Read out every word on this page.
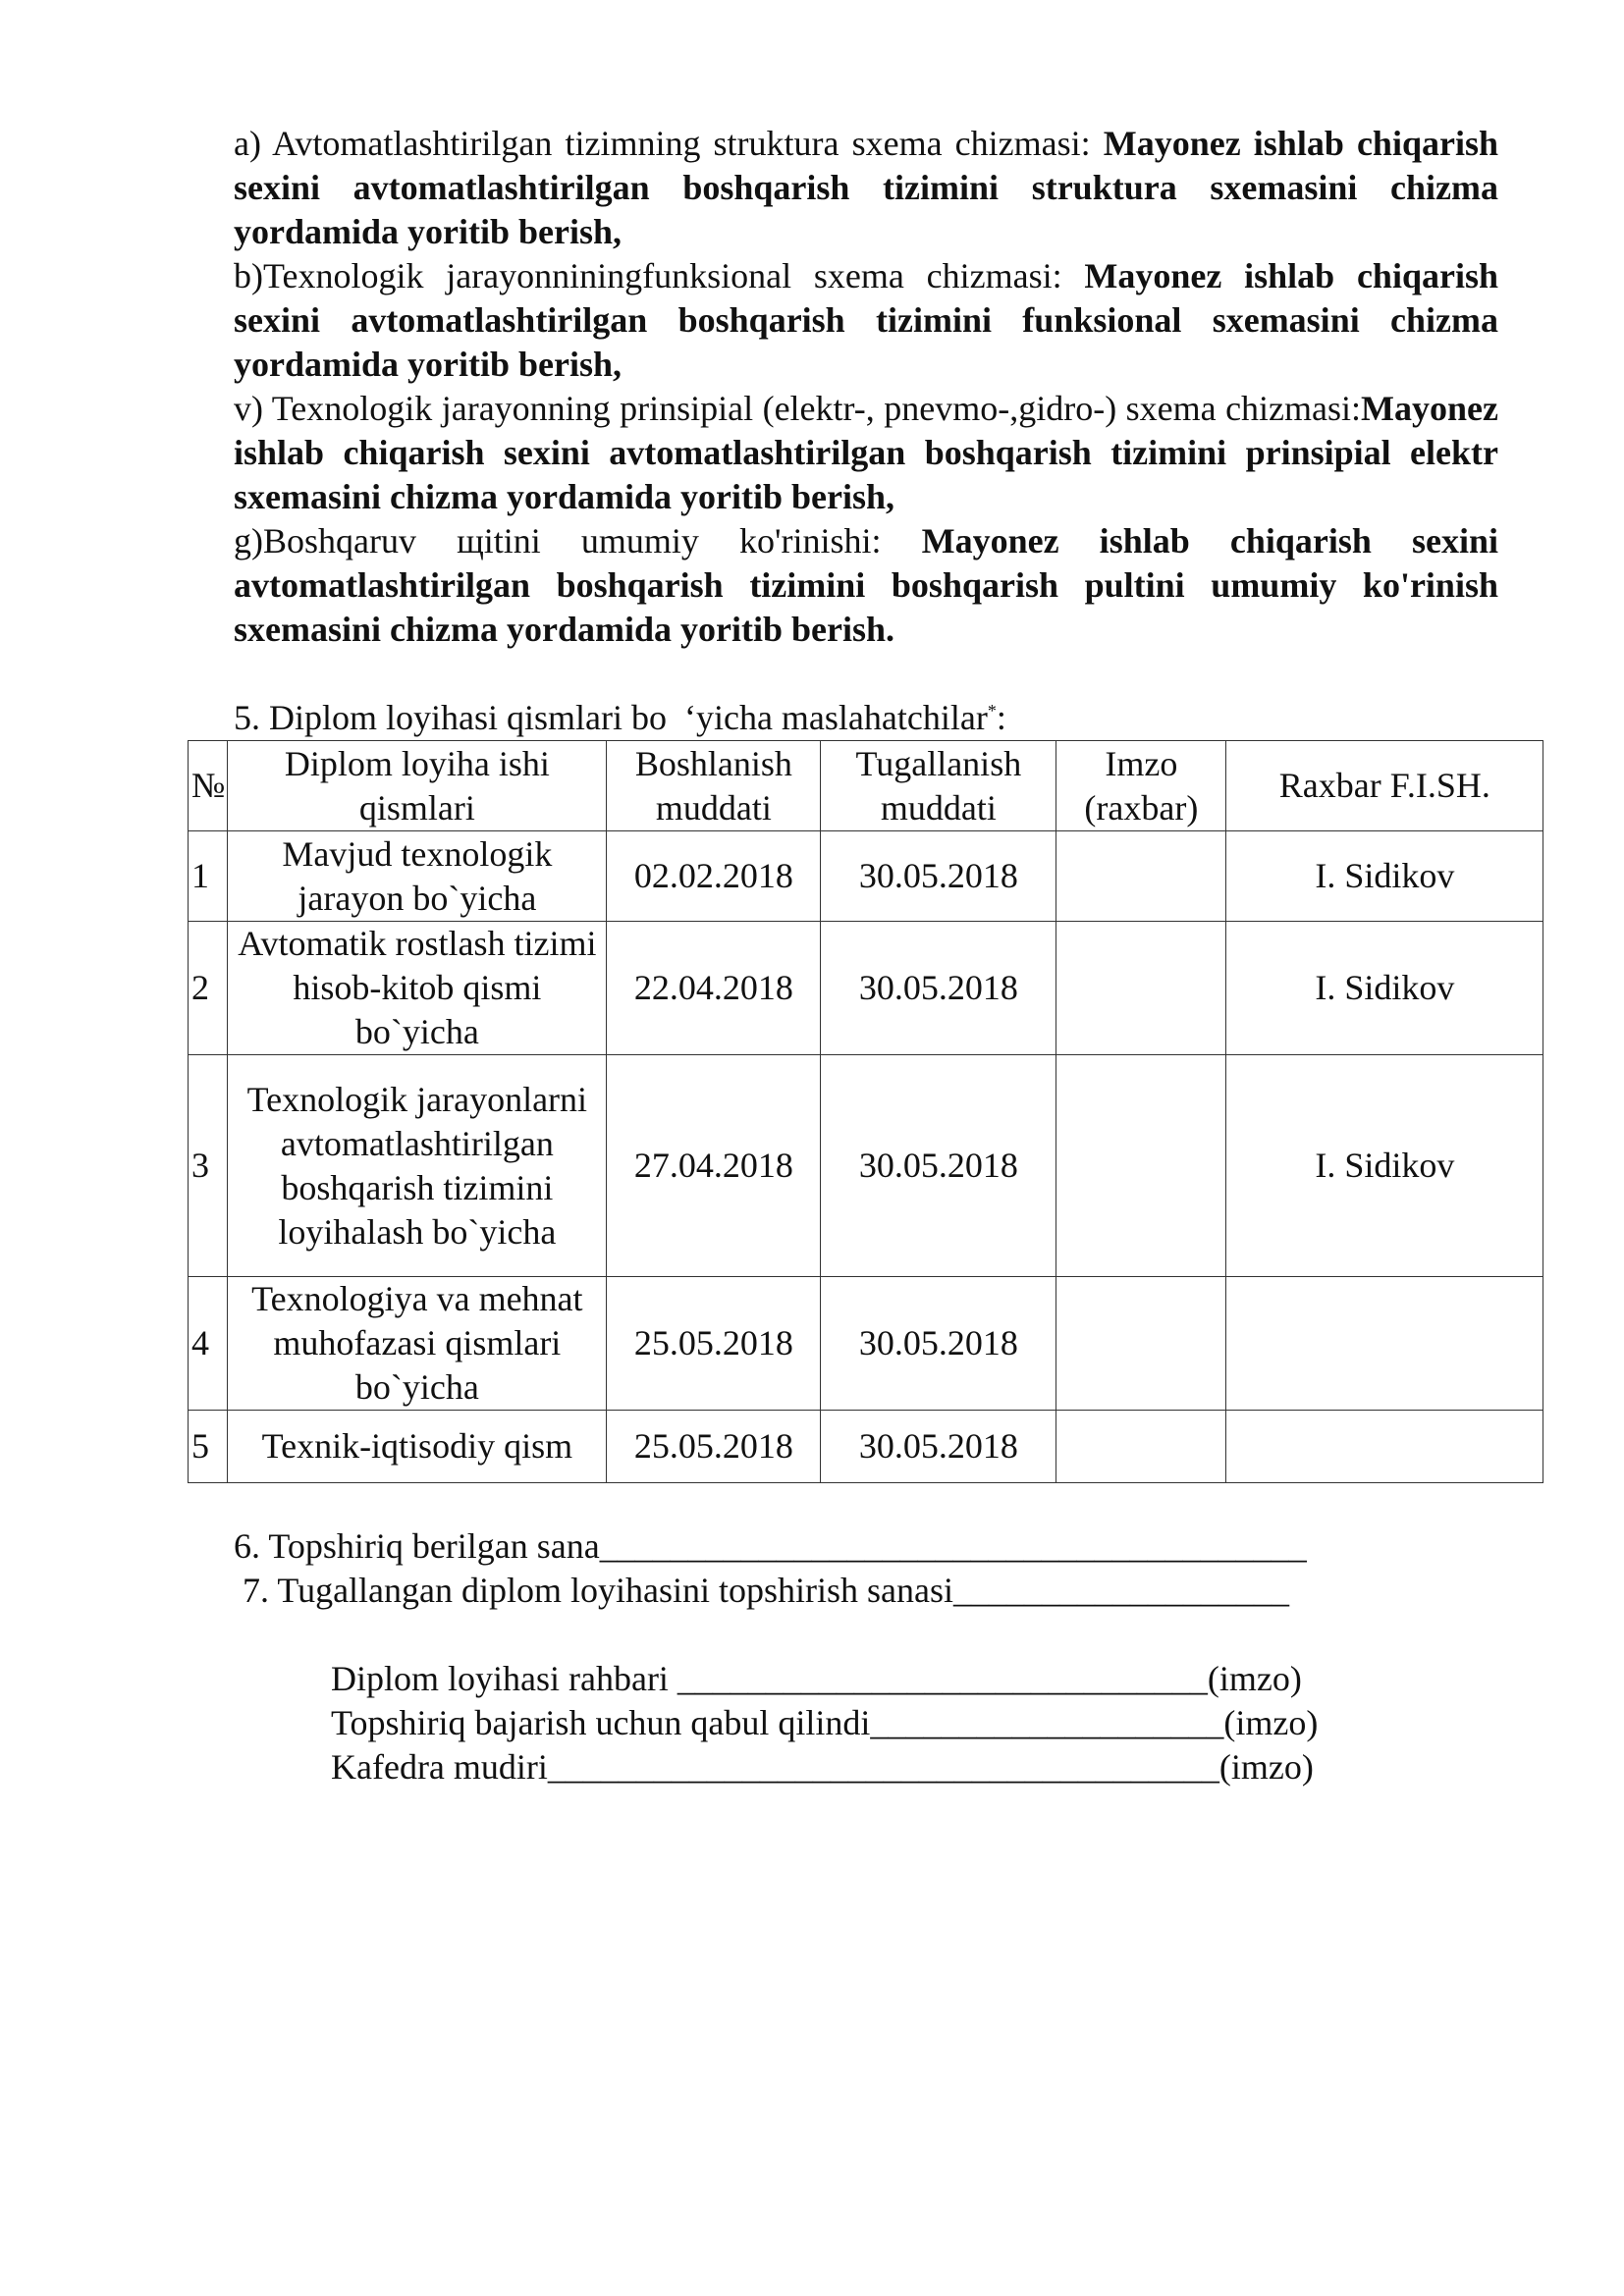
a) Avtomatlashtirilgan tizimning struktura sxema chizmasi: Mayonez ishlab chiqarish sexini avtomatlashtirilgan boshqarish tizimini struktura sxemasini chizma yordamida yoritib berish,

b)Texnologik jarayonniningfunksional sxema chizmasi: Mayonez ishlab chiqarish sexini avtomatlashtirilgan boshqarish tizimini funksional sxemasini chizma yordamida yoritib berish,

v) Texnologik jarayonning prinsipial (elektr-, pnevmo-,gidro-) sxema chizmasi:Mayonez ishlab chiqarish sexini avtomatlashtirilgan boshqarish tizimini prinsipial elektr sxemasini chizma yordamida yoritib berish,

g)Boshqaruv щitini umumiy ko'rinishi: Mayonez ishlab chiqarish sexini avtomatlashtirilgan boshqarish tizimini boshqarish pultini umumiy ko'rinish sxemasini chizma yordamida yoritib berish.

5. Diplom loyihasi qismlari bo ʻyicha maslahatchilar*:
№	Diplom loyiha ishi qismlari	Boshlanish muddati	Tugallanish muddati	Imzo (raxbar)	Raxbar F.I.SH.
1	Mavjud texnologik jarayon bo`yicha	02.02.2018	30.05.2018		I. Sidikov
2	Avtomatik rostlash tizimi hisob-kitob qismi bo`yicha	22.04.2018	30.05.2018		I. Sidikov
3	Texnologik jarayonlarni avtomatlashtirilgan boshqarish tizimini loyihalash bo`yicha	27.04.2018	30.05.2018		I. Sidikov
4	Texnologiya va mehnat muhofazasi qismlari bo`yicha	25.05.2018	30.05.2018		
5	Texnik-iqtisodiy qism	25.05.2018	30.05.2018		
6. Topshiriq berilgan sana________________________________________
7. Tugallangan diplom loyihasini topshirish sanasi___________________
Diplom loyihasi rahbari ______________________________(imzo)
Topshiriq bajarish uchun qabul qilindi____________________(imzo)
Kafedra mudiri______________________________________(imzo)
